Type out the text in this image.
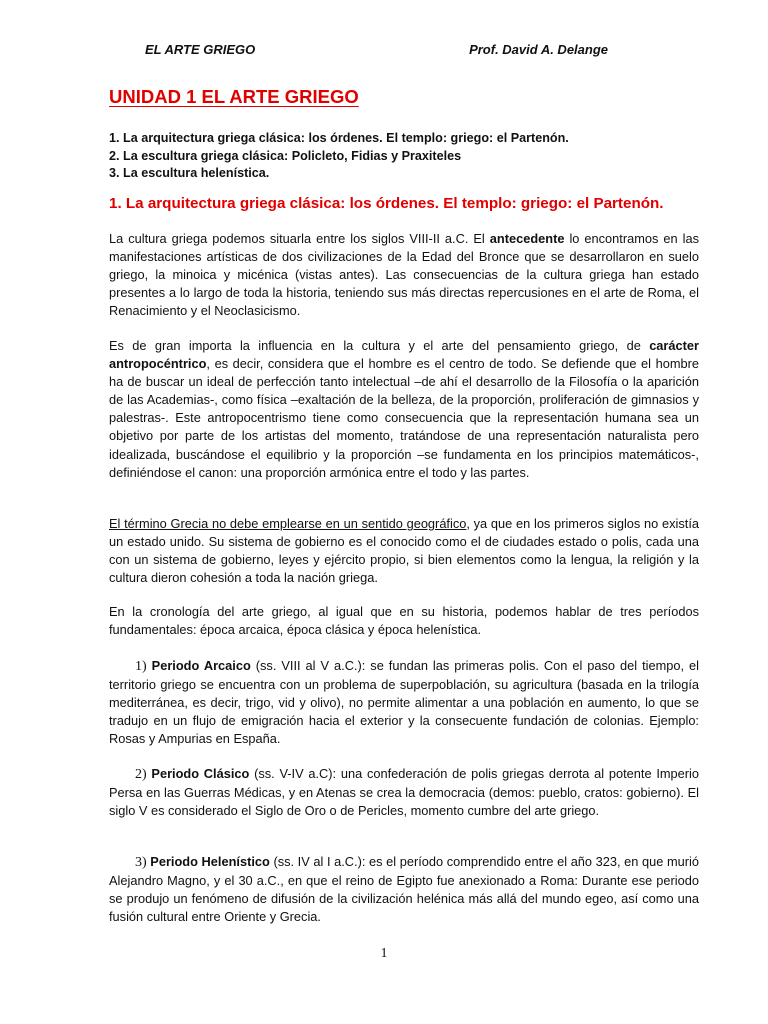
EL ARTE GRIEGO	Prof. David A. Delange
UNIDAD 1 EL ARTE GRIEGO
1. La arquitectura griega clásica: los órdenes. El templo: griego: el Partenón.
2. La escultura griega clásica: Policleto, Fidias y Praxiteles
3. La escultura helenística.
1. La arquitectura griega clásica: los órdenes. El templo: griego: el Partenón.
La cultura griega podemos situarla entre los siglos VIII-II a.C. El antecedente lo encontramos en las manifestaciones artísticas de dos civilizaciones de la Edad del Bronce que se desarrollaron en suelo griego, la minoica y micénica (vistas antes). Las consecuencias de la cultura griega han estado presentes a lo largo de toda la historia, teniendo sus más directas repercusiones en el arte de Roma, el Renacimiento y el Neoclasicismo.
Es de gran importa la influencia en la cultura y el arte del pensamiento griego, de carácter antropocéntrico, es decir, considera que el hombre es el centro de todo. Se defiende que el hombre ha de buscar un ideal de perfección tanto intelectual –de ahí el desarrollo de la Filosofía o la aparición de las Academias-, como física –exaltación de la belleza, de la proporción, proliferación de gimnasios y palestras-. Este antropocentrismo tiene como consecuencia que la representación humana sea un objetivo por parte de los artistas del momento, tratándose de una representación naturalista pero idealizada, buscándose el equilibrio y la proporción –se fundamenta en los principios matemáticos-, definiéndose el canon: una proporción armónica entre el todo y las partes.
El término Grecia no debe emplearse en un sentido geográfico, ya que en los primeros siglos no existía un estado unido. Su sistema de gobierno es el conocido como el de ciudades estado o polis, cada una con un sistema de gobierno, leyes y ejército propio, si bien elementos como la lengua, la religión y la cultura dieron cohesión a toda la nación griega.
En la cronología del arte griego, al igual que en su historia, podemos hablar de tres períodos fundamentales: época arcaica, época clásica y época helenística.
1) Periodo Arcaico (ss. VIII al V a.C.): se fundan las primeras polis. Con el paso del tiempo, el territorio griego se encuentra con un problema de superpoblación, su agricultura (basada en la trilogía mediterránea, es decir, trigo, vid y olivo), no permite alimentar a una población en aumento, lo que se tradujo en un flujo de emigración hacia el exterior y la consecuente fundación de colonias. Ejemplo: Rosas y Ampurias en España.
2) Periodo Clásico (ss. V-IV a.C): una confederación de polis griegas derrota al potente Imperio Persa en las Guerras Médicas, y en Atenas se crea la democracia (demos: pueblo, cratos: gobierno). El siglo V es considerado el Siglo de Oro o de Pericles, momento cumbre del arte griego.
3) Periodo Helenístico (ss. IV al I a.C.): es el período comprendido entre el año 323, en que murió Alejandro Magno, y el 30 a.C., en que el reino de Egipto fue anexionado a Roma: Durante ese periodo se produjo un fenómeno de difusión de la civilización helénica más allá del mundo egeo, así como una fusión cultural entre Oriente y Grecia.
1
